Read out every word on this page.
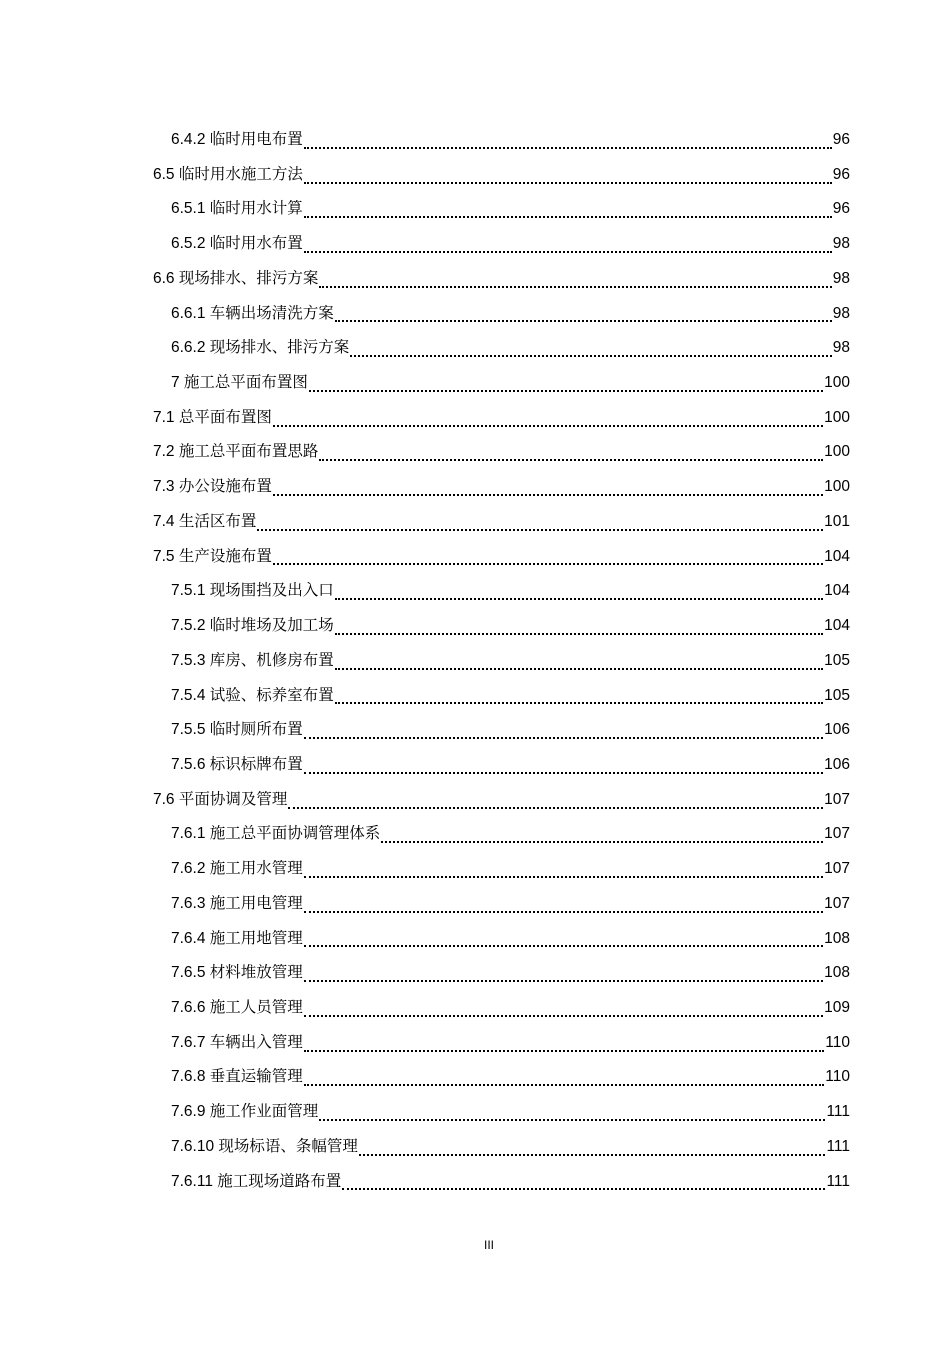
6.4.2 临时用电布置	96
6.5 临时用水施工方法	96
6.5.1 临时用水计算	96
6.5.2 临时用水布置	98
6.6 现场排水、排污方案	98
6.6.1 车辆出场清洗方案	98
6.6.2 现场排水、排污方案	98
7 施工总平面布置图	100
7.1 总平面布置图	100
7.2 施工总平面布置思路	100
7.3 办公设施布置	100
7.4 生活区布置	101
7.5 生产设施布置	104
7.5.1 现场围挡及出入口	104
7.5.2 临时堆场及加工场	104
7.5.3 库房、机修房布置	105
7.5.4 试验、标养室布置	105
7.5.5 临时厕所布置	106
7.5.6 标识标牌布置	106
7.6 平面协调及管理	107
7.6.1 施工总平面协调管理体系	107
7.6.2 施工用水管理	107
7.6.3 施工用电管理	107
7.6.4 施工用地管理	108
7.6.5 材料堆放管理	108
7.6.6 施工人员管理	109
7.6.7 车辆出入管理	110
7.6.8 垂直运输管理	110
7.6.9 施工作业面管理	111
7.6.10 现场标语、条幅管理	111
7.6.11 施工现场道路布置	111
III
